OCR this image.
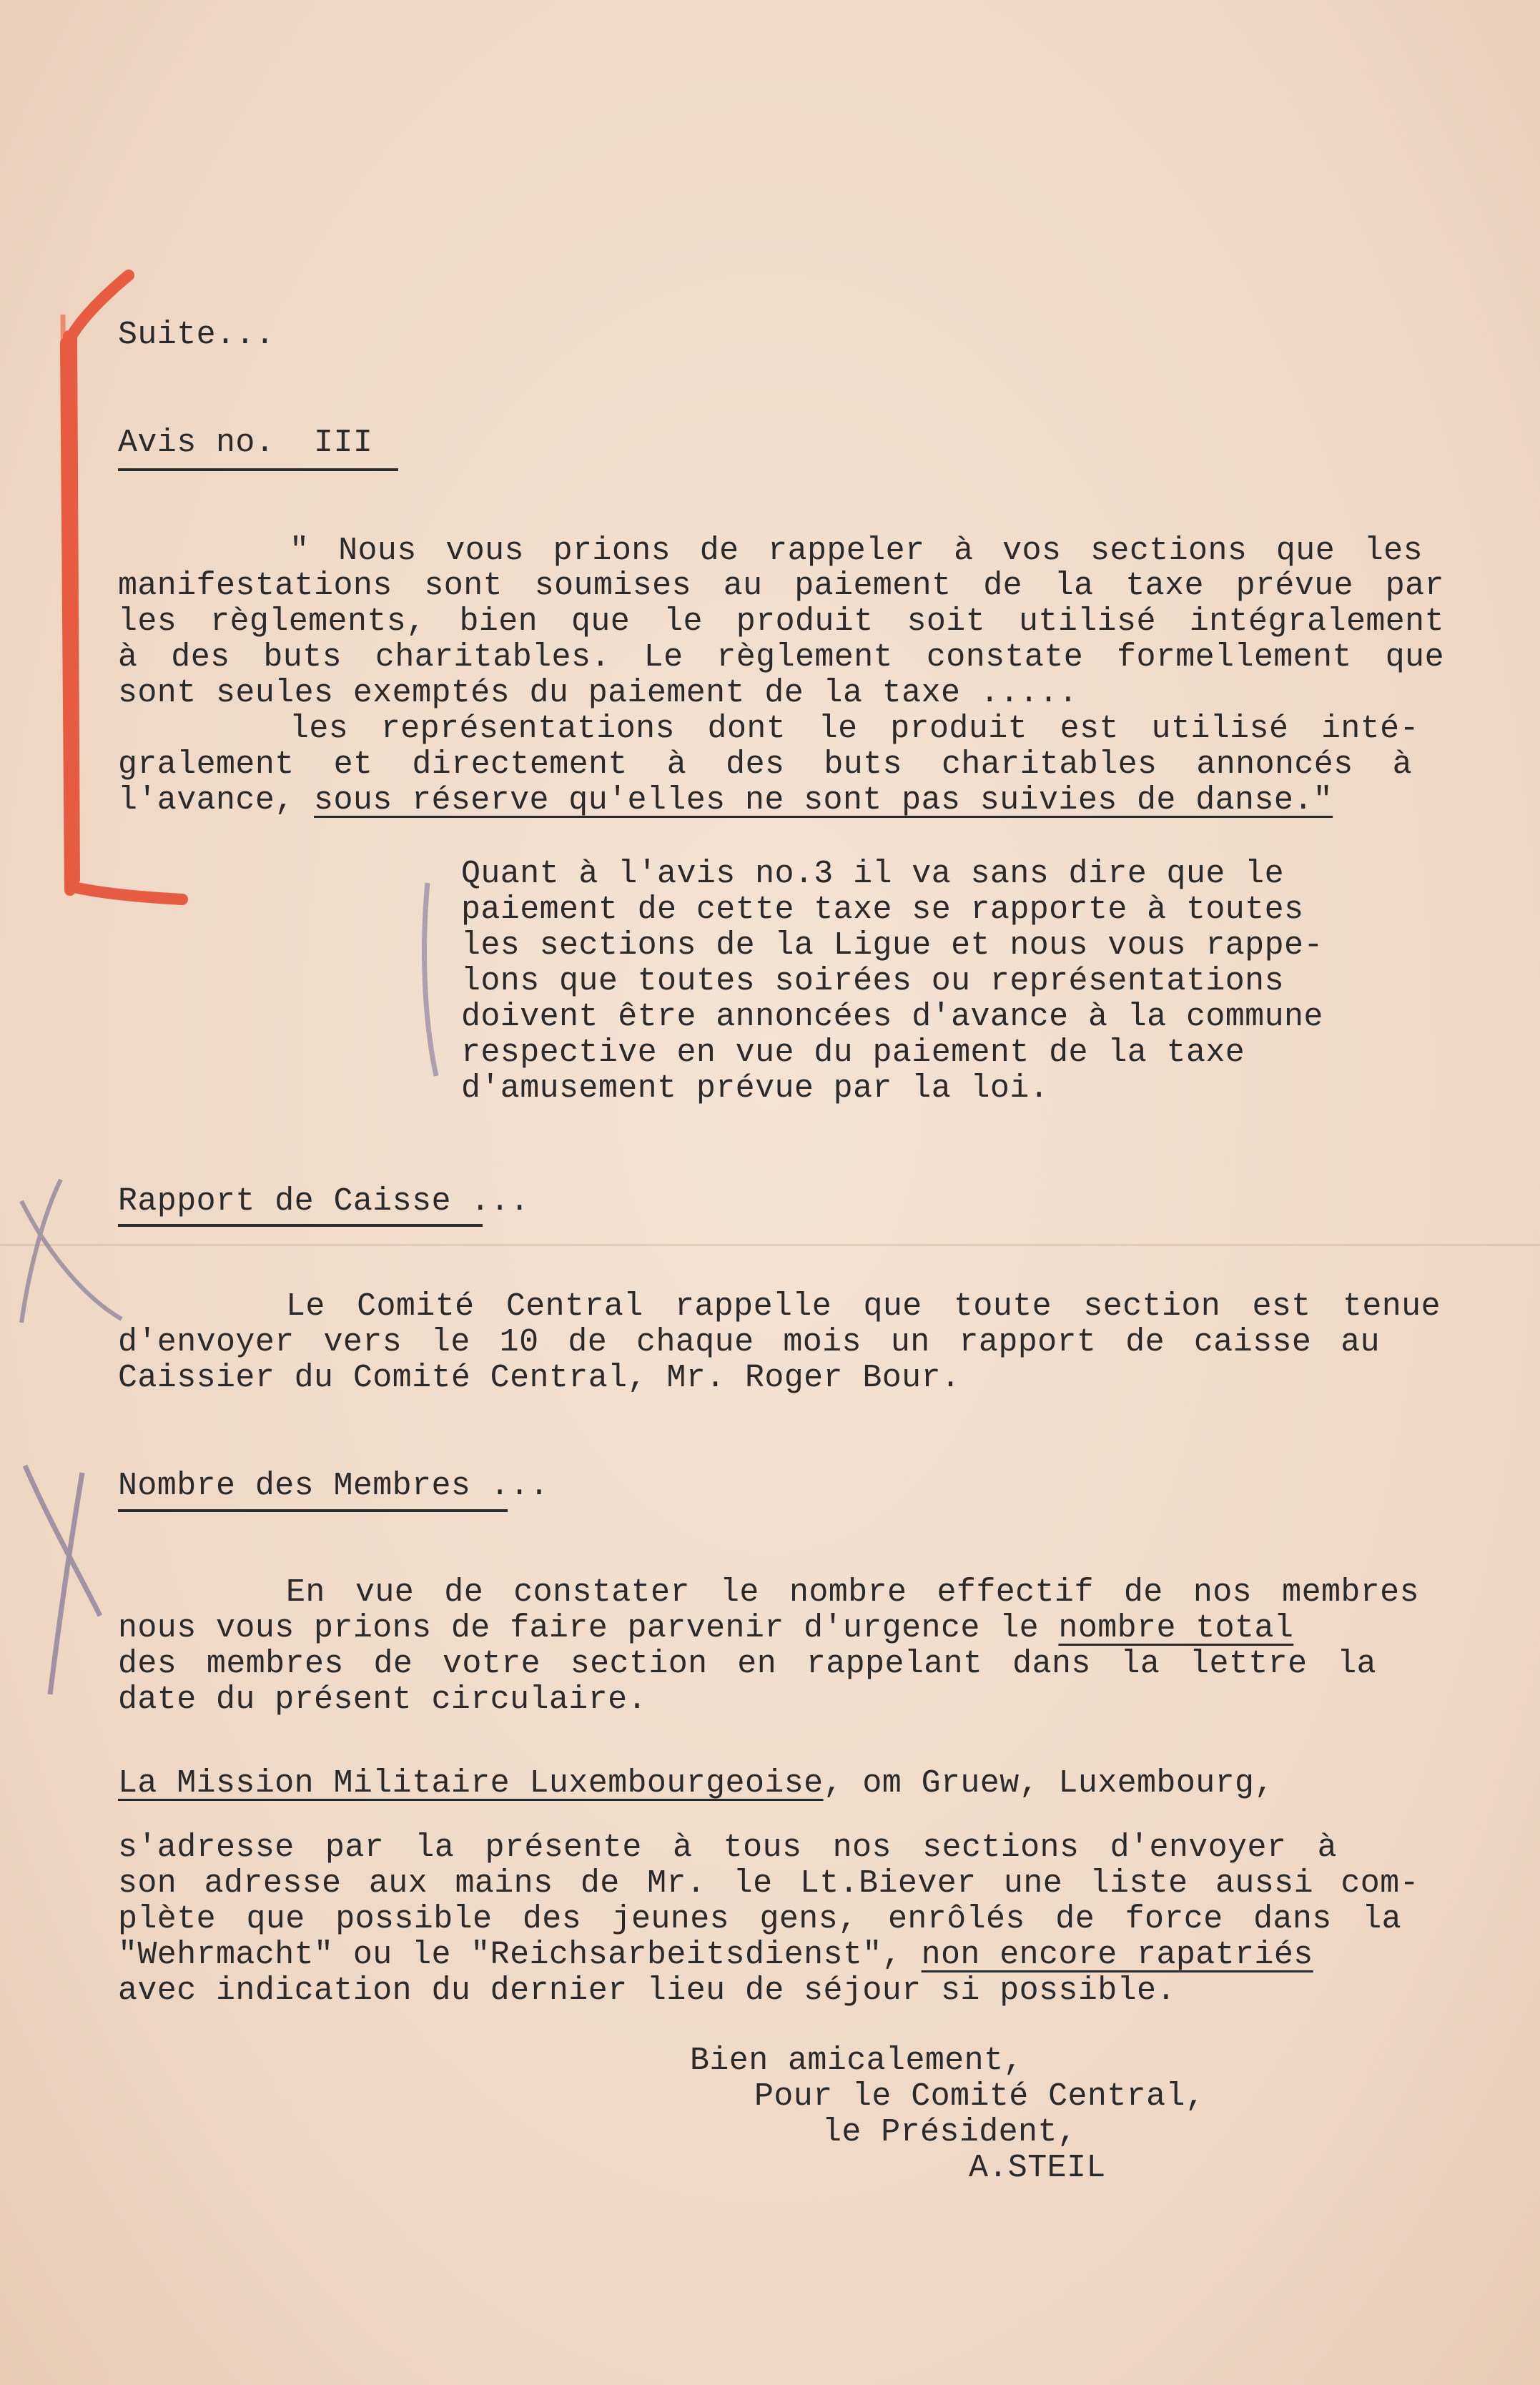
Suite...
Avis no.  III
" Nous vous prions de rappeler à vos sections que les
manifestations sont soumises au paiement de la taxe prévue par
les règlements, bien que le produit soit utilisé intégralement
à des buts charitables. Le règlement constate formellement que
sont seules exemptés du paiement de la taxe .....
les représentations dont le produit est utilisé inté-
gralement et directement à des buts charitables annoncés à
l'avance, sous réserve qu'elles ne sont pas suivies de danse."
Quant à l'avis no.3 il va sans dire que le
paiement de cette taxe se rapporte à toutes
les sections de la Ligue et nous vous rappe-
lons que toutes soirées ou représentations
doivent être annoncées d'avance à la commune
respective en vue du paiement de la taxe
d'amusement prévue par la loi.
Rapport de Caisse ...
Le Comité Central rappelle que toute section est tenue
d'envoyer vers le 10 de chaque mois un rapport de caisse au
Caissier du Comité Central, Mr. Roger Bour.
Nombre des Membres ...
En vue de constater le nombre effectif de nos membres
nous vous prions de faire parvenir d'urgence le nombre total
des membres de votre section en rappelant dans la lettre la
date du présent circulaire.
La Mission Militaire Luxembourgeoise, om Gruew, Luxembourg,
s'adresse par la présente à tous nos sections d'envoyer à
son adresse aux mains de Mr. le Lt.Biever une liste aussi com-
plète que possible des jeunes gens, enrôlés de force dans la
"Wehrmacht" ou le "Reichsarbeitsdienst", non encore rapatriés
avec indication du dernier lieu de séjour si possible.
Bien amicalement,
Pour le Comité Central,
le Président,
A.STEIL
